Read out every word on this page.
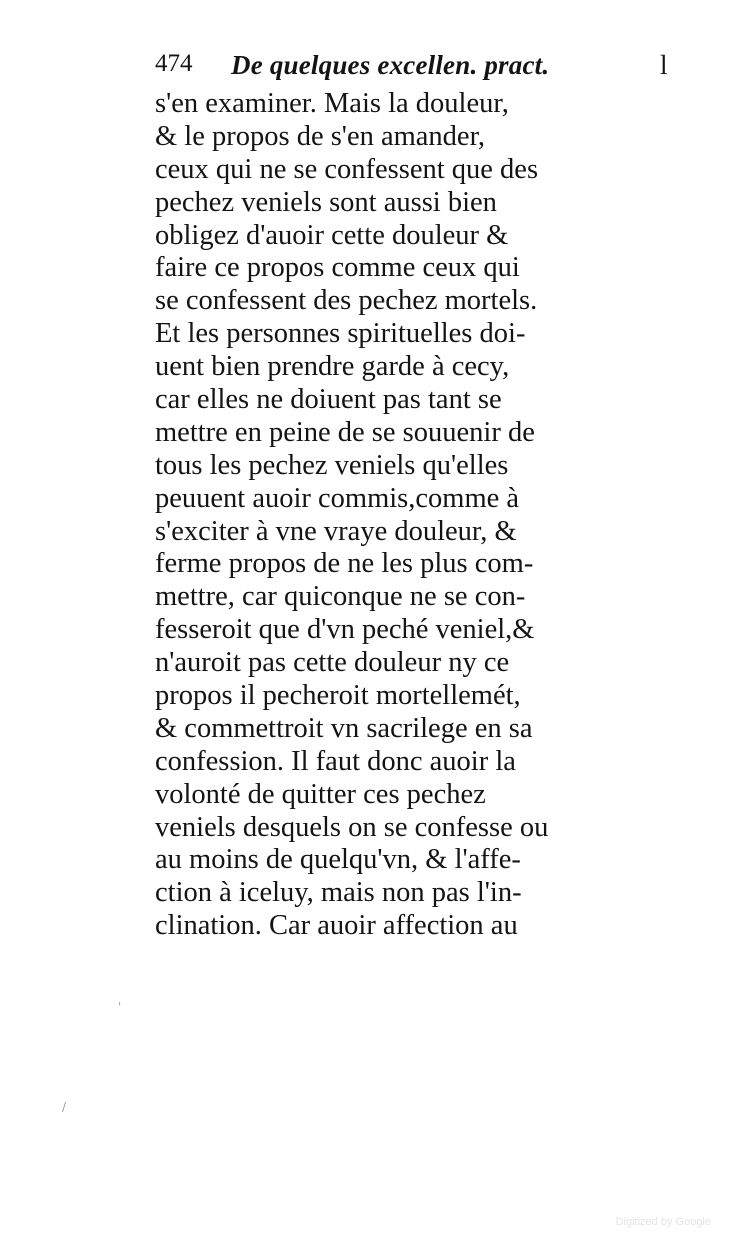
474 De quelques excellen. pract.	l
s'en examiner. Mais la douleur,
& le propos de s'en amander,
ceux qui ne se confessent que des
pechez veniels sont aussi bien
obligez d'auoir cette douleur &
faire ce propos comme ceux qui
se confessent des pechez mortels.
Et les personnes spirituelles doi-
uent bien prendre garde à cecy,
car elles ne doiuent pas tant se
mettre en peine de se souuenir de
tous les pechez veniels qu'elles
peuuent auoir commis,comme à
s'exciter à vne vraye douleur, &
ferme propos de ne les plus com-
mettre, car quiconque ne se con-
fesseroit que d'vn peché veniel,&
n'auroit pas cette douleur ny ce
propos il pecheroit mortellemét,
& commettroit vn sacrilege en sa
confession. Il faut donc auoir la
volonté de quitter ces pechez
veniels desquels on se confesse ou
au moins de quelqu'vn, & l'affe-
ction à iceluy, mais non pas l'in-
clination. Car auoir affection au
'
/
Digitized by Google
